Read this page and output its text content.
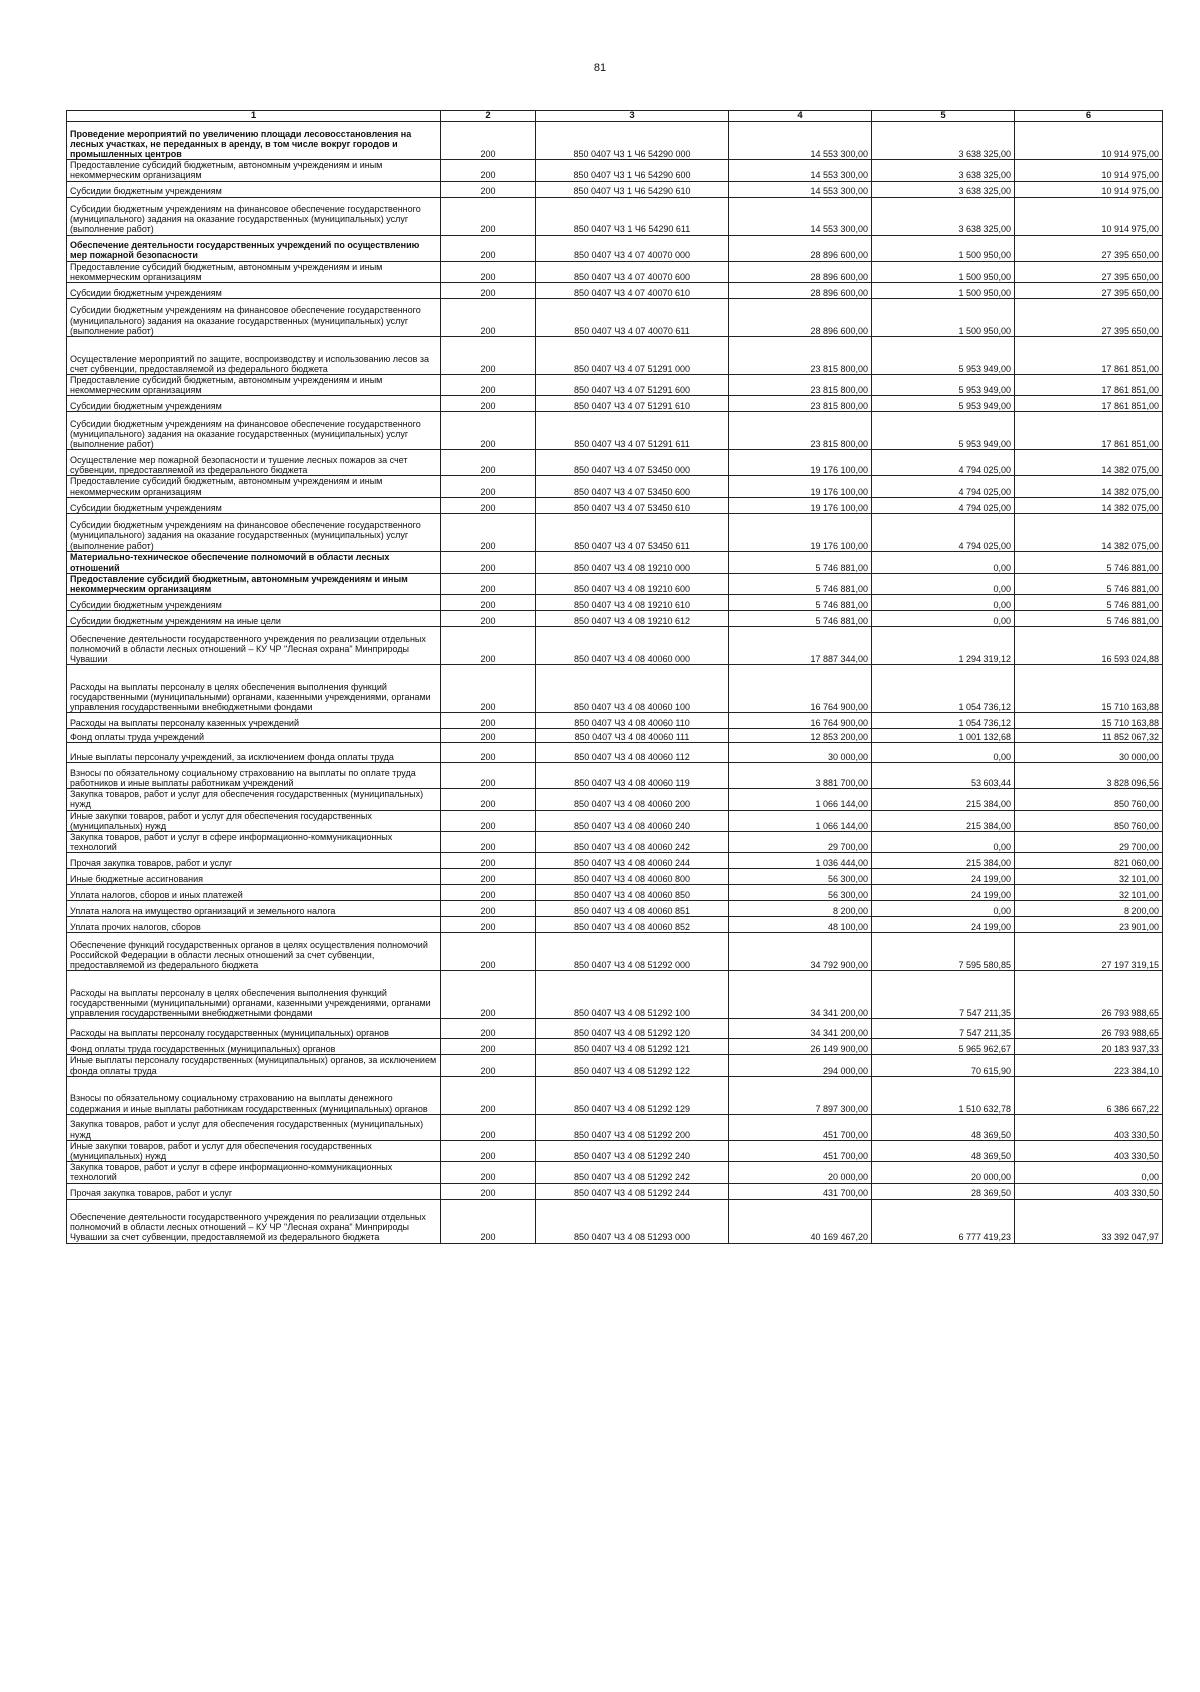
81
1	2	3	4	5	6
Проведение мероприятий по увеличению площади лесовосстановления на лесных участках, не переданных в аренду, в том числе вокруг городов и промышленных центров	200	850 0407 Ч3 1 Ч6 54290 000	14 553 300,00	3 638 325,00	10 914 975,00
Предоставление субсидий бюджетным, автономным учреждениям и иным некоммерческим организациям	200	850 0407 Ч3 1 Ч6 54290 600	14 553 300,00	3 638 325,00	10 914 975,00
Субсидии бюджетным учреждениям	200	850 0407 Ч3 1 Ч6 54290 610	14 553 300,00	3 638 325,00	10 914 975,00
Субсидии бюджетным учреждениям на финансовое обеспечение государственного (муниципального) задания на оказание государственных (муниципальных) услуг (выполнение работ)	200	850 0407 Ч3 1 Ч6 54290 611	14 553 300,00	3 638 325,00	10 914 975,00
Обеспечение деятельности государственных учреждений по осуществлению мер пожарной безопасности	200	850 0407 Ч3 4 07 40070 000	28 896 600,00	1 500 950,00	27 395 650,00
Предоставление субсидий бюджетным, автономным учреждениям и иным некоммерческим организациям	200	850 0407 Ч3 4 07 40070 600	28 896 600,00	1 500 950,00	27 395 650,00
Субсидии бюджетным учреждениям	200	850 0407 Ч3 4 07 40070 610	28 896 600,00	1 500 950,00	27 395 650,00
Субсидии бюджетным учреждениям на финансовое обеспечение государственного (муниципального) задания на оказание государственных (муниципальных) услуг (выполнение работ)	200	850 0407 Ч3 4 07 40070 611	28 896 600,00	1 500 950,00	27 395 650,00
Осуществление мероприятий по защите, воспроизводству и использованию лесов за счет субвенции, предоставляемой из федерального бюджета	200	850 0407 Ч3 4 07 51291 000	23 815 800,00	5 953 949,00	17 861 851,00
Предоставление субсидий бюджетным, автономным учреждениям и иным некоммерческим организациям	200	850 0407 Ч3 4 07 51291 600	23 815 800,00	5 953 949,00	17 861 851,00
Субсидии бюджетным учреждениям	200	850 0407 Ч3 4 07 51291 610	23 815 800,00	5 953 949,00	17 861 851,00
Субсидии бюджетным учреждениям на финансовое обеспечение государственного (муниципального) задания на оказание государственных (муниципальных) услуг (выполнение работ)	200	850 0407 Ч3 4 07 51291 611	23 815 800,00	5 953 949,00	17 861 851,00
Осуществление мер пожарной безопасности и тушение лесных пожаров за счет субвенции, предоставляемой из федерального бюджета	200	850 0407 Ч3 4 07 53450 000	19 176 100,00	4 794 025,00	14 382 075,00
Предоставление субсидий бюджетным, автономным учреждениям и иным некоммерческим организациям	200	850 0407 Ч3 4 07 53450 600	19 176 100,00	4 794 025,00	14 382 075,00
Субсидии бюджетным учреждениям	200	850 0407 Ч3 4 07 53450 610	19 176 100,00	4 794 025,00	14 382 075,00
Субсидии бюджетным учреждениям на финансовое обеспечение государственного (муниципального) задания на оказание государственных (муниципальных) услуг (выполнение работ)	200	850 0407 Ч3 4 07 53450 611	19 176 100,00	4 794 025,00	14 382 075,00
Материально-техническое обеспечение полномочий в области лесных отношений	200	850 0407 Ч3 4 08 19210 000	5 746 881,00	0,00	5 746 881,00
Предоставление субсидий бюджетным, автономным учреждениям и иным некоммерческим организациям	200	850 0407 Ч3 4 08 19210 600	5 746 881,00	0,00	5 746 881,00
Субсидии бюджетным учреждениям	200	850 0407 Ч3 4 08 19210 610	5 746 881,00	0,00	5 746 881,00
Субсидии бюджетным учреждениям на иные цели	200	850 0407 Ч3 4 08 19210 612	5 746 881,00	0,00	5 746 881,00
Обеспечение деятельности государственного учреждения по реализации отдельных полномочий в области лесных отношений – КУ ЧР "Лесная охрана" Минприроды Чувашии	200	850 0407 Ч3 4 08 40060 000	17 887 344,00	1 294 319,12	16 593 024,88
Расходы на выплаты персоналу в целях обеспечения выполнения функций государственными (муниципальными) органами, казенными учреждениями, органами управления государственными внебюджетными фондами	200	850 0407 Ч3 4 08 40060 100	16 764 900,00	1 054 736,12	15 710 163,88
Расходы на выплаты персоналу казенных учреждений	200	850 0407 Ч3 4 08 40060 110	16 764 900,00	1 054 736,12	15 710 163,88
Фонд оплаты труда учреждений	200	850 0407 Ч3 4 08 40060 111	12 853 200,00	1 001 132,68	11 852 067,32
Иные выплаты персоналу учреждений, за исключением фонда оплаты труда	200	850 0407 Ч3 4 08 40060 112	30 000,00	0,00	30 000,00
Взносы по обязательному социальному страхованию на выплаты по оплате труда работников и иные выплаты работникам учреждений	200	850 0407 Ч3 4 08 40060 119	3 881 700,00	53 603,44	3 828 096,56
Закупка товаров, работ и услуг для обеспечения государственных (муниципальных) нужд	200	850 0407 Ч3 4 08 40060 200	1 066 144,00	215 384,00	850 760,00
Иные закупки товаров, работ и услуг для обеспечения государственных (муниципальных) нужд	200	850 0407 Ч3 4 08 40060 240	1 066 144,00	215 384,00	850 760,00
Закупка товаров, работ и услуг в сфере информационно-коммуникационных технологий	200	850 0407 Ч3 4 08 40060 242	29 700,00	0,00	29 700,00
Прочая закупка товаров, работ и услуг	200	850 0407 Ч3 4 08 40060 244	1 036 444,00	215 384,00	821 060,00
Иные бюджетные ассигнования	200	850 0407 Ч3 4 08 40060 800	56 300,00	24 199,00	32 101,00
Уплата налогов, сборов и иных платежей	200	850 0407 Ч3 4 08 40060 850	56 300,00	24 199,00	32 101,00
Уплата налога на имущество организаций и земельного налога	200	850 0407 Ч3 4 08 40060 851	8 200,00	0,00	8 200,00
Уплата прочих налогов, сборов	200	850 0407 Ч3 4 08 40060 852	48 100,00	24 199,00	23 901,00
Обеспечение функций государственных органов в целях осуществления полномочий Российской Федерации в области лесных отношений за счет субвенции, предоставляемой из федерального бюджета	200	850 0407 Ч3 4 08 51292 000	34 792 900,00	7 595 580,85	27 197 319,15
Расходы на выплаты персоналу в целях обеспечения выполнения функций государственными (муниципальными) органами, казенными учреждениями, органами управления государственными внебюджетными фондами	200	850 0407 Ч3 4 08 51292 100	34 341 200,00	7 547 211,35	26 793 988,65
Расходы на выплаты персоналу государственных (муниципальных) органов	200	850 0407 Ч3 4 08 51292 120	34 341 200,00	7 547 211,35	26 793 988,65
Фонд оплаты труда государственных (муниципальных) органов	200	850 0407 Ч3 4 08 51292 121	26 149 900,00	5 965 962,67	20 183 937,33
Иные выплаты персоналу государственных (муниципальных) органов, за исключением фонда оплаты труда	200	850 0407 Ч3 4 08 51292 122	294 000,00	70 615,90	223 384,10
Взносы по обязательному социальному страхованию на выплаты денежного содержания и иные выплаты работникам государственных (муниципальных) органов	200	850 0407 Ч3 4 08 51292 129	7 897 300,00	1 510 632,78	6 386 667,22
Закупка товаров, работ и услуг для обеспечения государственных (муниципальных) нужд	200	850 0407 Ч3 4 08 51292 200	451 700,00	48 369,50	403 330,50
Иные закупки товаров, работ и услуг для обеспечения государственных (муниципальных) нужд	200	850 0407 Ч3 4 08 51292 240	451 700,00	48 369,50	403 330,50
Закупка товаров, работ и услуг в сфере информационно-коммуникационных технологий	200	850 0407 Ч3 4 08 51292 242	20 000,00	20 000,00	0,00
Прочая закупка товаров, работ и услуг	200	850 0407 Ч3 4 08 51292 244	431 700,00	28 369,50	403 330,50
Обеспечение деятельности государственного учреждения по реализации отдельных полномочий в области лесных отношений – КУ ЧР "Лесная охрана" Минприроды Чувашии за счет субвенции, предоставляемой из федерального бюджета	200	850 0407 Ч3 4 08 51293 000	40 169 467,20	6 777 419,23	33 392 047,97
